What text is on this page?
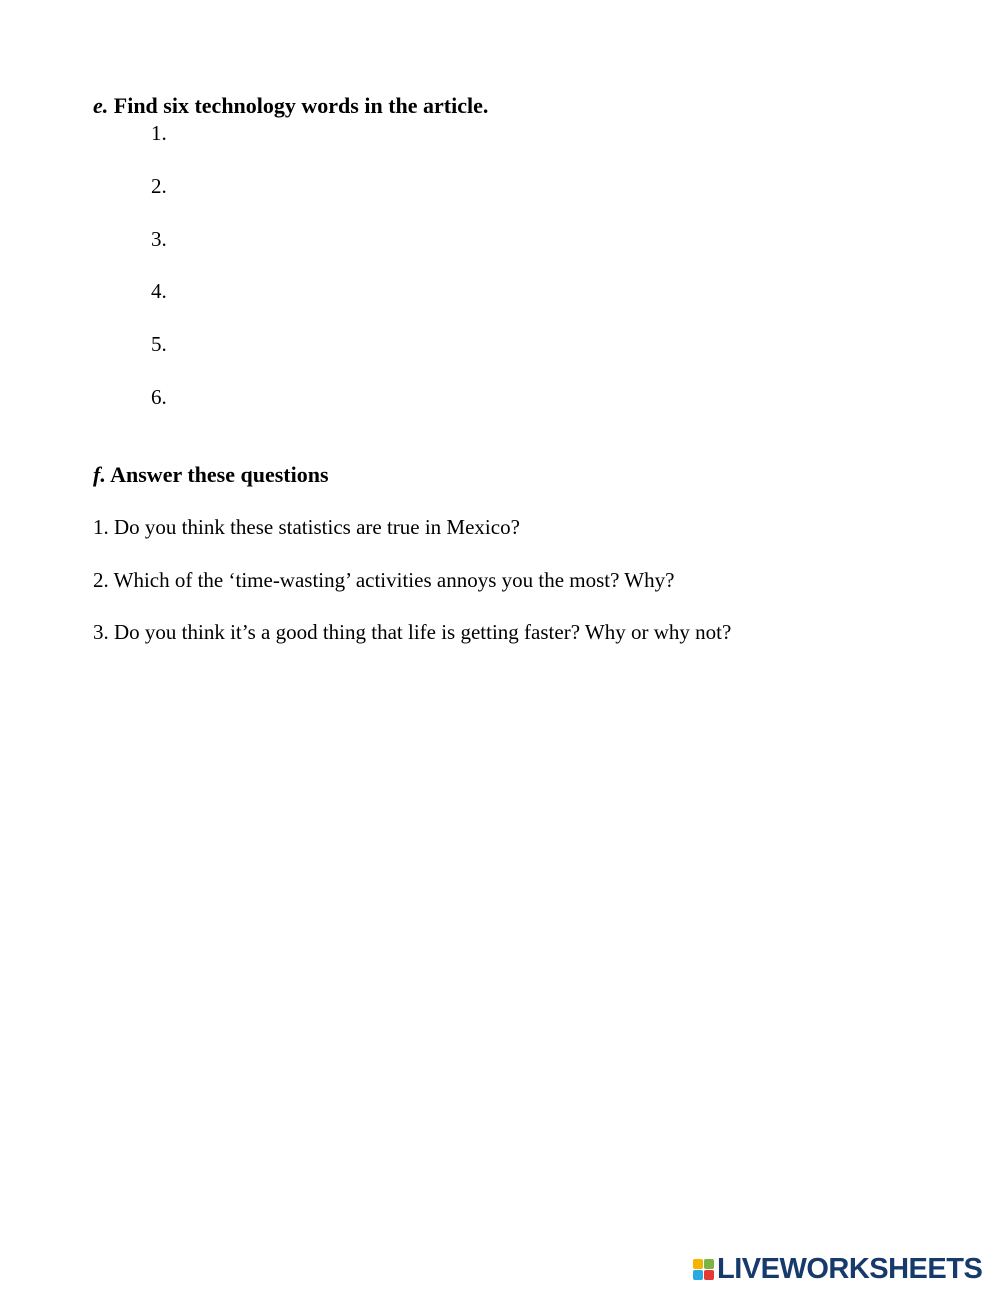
e. Find six technology words in the article.
1.
2.
3.
4.
5.
6.
f. Answer these questions
1. Do you think these statistics are true in Mexico?
2. Which of the ‘time-wasting’ activities annoys you the most? Why?
3. Do you think it’s a good thing that life is getting faster? Why or why not?
LIVEWORKSHEETS
